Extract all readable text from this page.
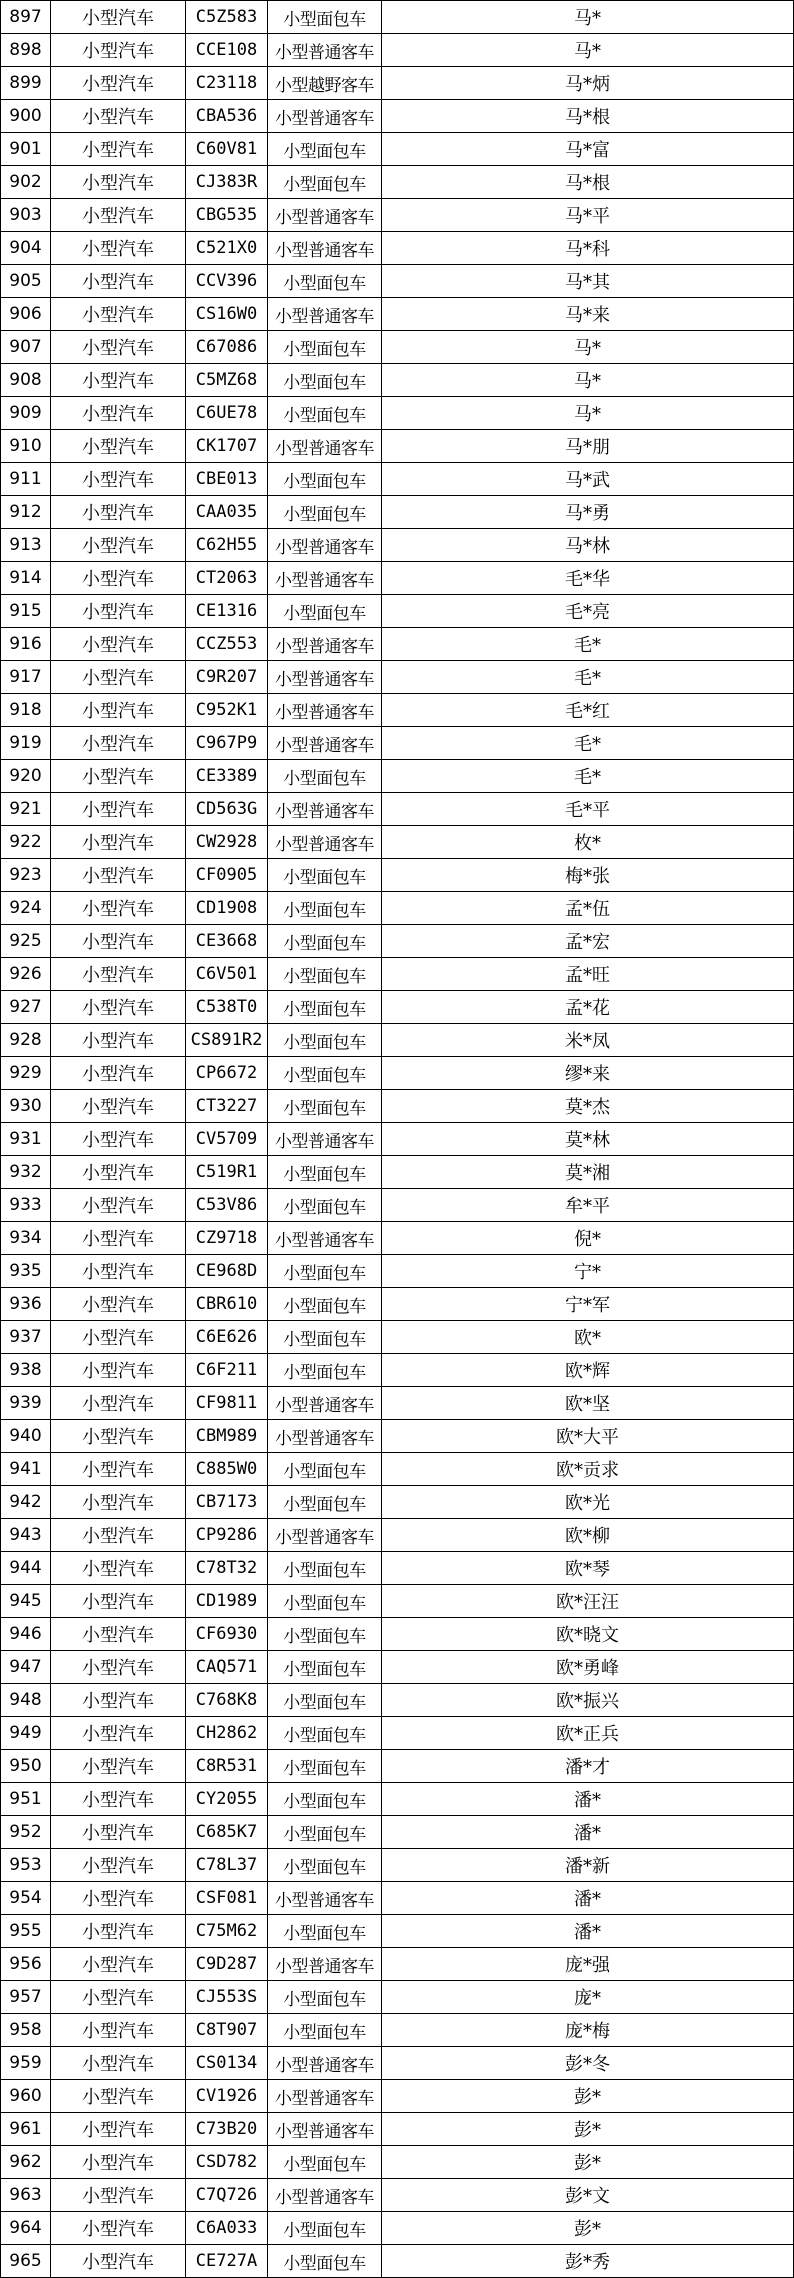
897	小型汽车	C5Z583	小型面包车	马*
898	小型汽车	CCE108	小型普通客车	马*
899	小型汽车	C23118	小型越野客车	马*炳
900	小型汽车	CBA536	小型普通客车	马*根
901	小型汽车	C60V81	小型面包车	马*富
902	小型汽车	CJ383R	小型面包车	马*根
903	小型汽车	CBG535	小型普通客车	马*平
904	小型汽车	C521X0	小型普通客车	马*科
905	小型汽车	CCV396	小型面包车	马*其
906	小型汽车	CS16W0	小型普通客车	马*来
907	小型汽车	C67086	小型面包车	马*
908	小型汽车	C5MZ68	小型面包车	马*
909	小型汽车	C6UE78	小型面包车	马*
910	小型汽车	CK1707	小型普通客车	马*朋
911	小型汽车	CBE013	小型面包车	马*武
912	小型汽车	CAA035	小型面包车	马*勇
913	小型汽车	C62H55	小型普通客车	马*林
914	小型汽车	CT2063	小型普通客车	毛*华
915	小型汽车	CE1316	小型面包车	毛*亮
916	小型汽车	CCZ553	小型普通客车	毛*
917	小型汽车	C9R207	小型普通客车	毛*
918	小型汽车	C952K1	小型普通客车	毛*红
919	小型汽车	C967P9	小型普通客车	毛*
920	小型汽车	CE3389	小型面包车	毛*
921	小型汽车	CD563G	小型普通客车	毛*平
922	小型汽车	CW2928	小型普通客车	枚*
923	小型汽车	CF0905	小型面包车	梅*张
924	小型汽车	CD1908	小型面包车	孟*伍
925	小型汽车	CE3668	小型面包车	孟*宏
926	小型汽车	C6V501	小型面包车	孟*旺
927	小型汽车	C538T0	小型面包车	孟*花
928	小型汽车	CS891R2	小型面包车	米*凤
929	小型汽车	CP6672	小型面包车	缪*来
930	小型汽车	CT3227	小型面包车	莫*杰
931	小型汽车	CV5709	小型普通客车	莫*林
932	小型汽车	C519R1	小型面包车	莫*湘
933	小型汽车	C53V86	小型面包车	牟*平
934	小型汽车	CZ9718	小型普通客车	倪*
935	小型汽车	CE968D	小型面包车	宁*
936	小型汽车	CBR610	小型面包车	宁*军
937	小型汽车	C6E626	小型面包车	欧*
938	小型汽车	C6F211	小型面包车	欧*辉
939	小型汽车	CF9811	小型普通客车	欧*坚
940	小型汽车	CBM989	小型普通客车	欧*大平
941	小型汽车	C885W0	小型面包车	欧*贡求
942	小型汽车	CB7173	小型面包车	欧*光
943	小型汽车	CP9286	小型普通客车	欧*柳
944	小型汽车	C78T32	小型面包车	欧*琴
945	小型汽车	CD1989	小型面包车	欧*汪汪
946	小型汽车	CF6930	小型面包车	欧*晓文
947	小型汽车	CAQ571	小型面包车	欧*勇峰
948	小型汽车	C768K8	小型面包车	欧*振兴
949	小型汽车	CH2862	小型面包车	欧*正兵
950	小型汽车	C8R531	小型面包车	潘*才
951	小型汽车	CY2055	小型面包车	潘*
952	小型汽车	C685K7	小型面包车	潘*
953	小型汽车	C78L37	小型面包车	潘*新
954	小型汽车	CSF081	小型普通客车	潘*
955	小型汽车	C75M62	小型面包车	潘*
956	小型汽车	C9D287	小型普通客车	庞*强
957	小型汽车	CJ553S	小型面包车	庞*
958	小型汽车	C8T907	小型面包车	庞*梅
959	小型汽车	CS0134	小型普通客车	彭*冬
960	小型汽车	CV1926	小型普通客车	彭*
961	小型汽车	C73B20	小型普通客车	彭*
962	小型汽车	CSD782	小型面包车	彭*
963	小型汽车	C7Q726	小型普通客车	彭*文
964	小型汽车	C6A033	小型面包车	彭*
965	小型汽车	CE727A	小型面包车	彭*秀
